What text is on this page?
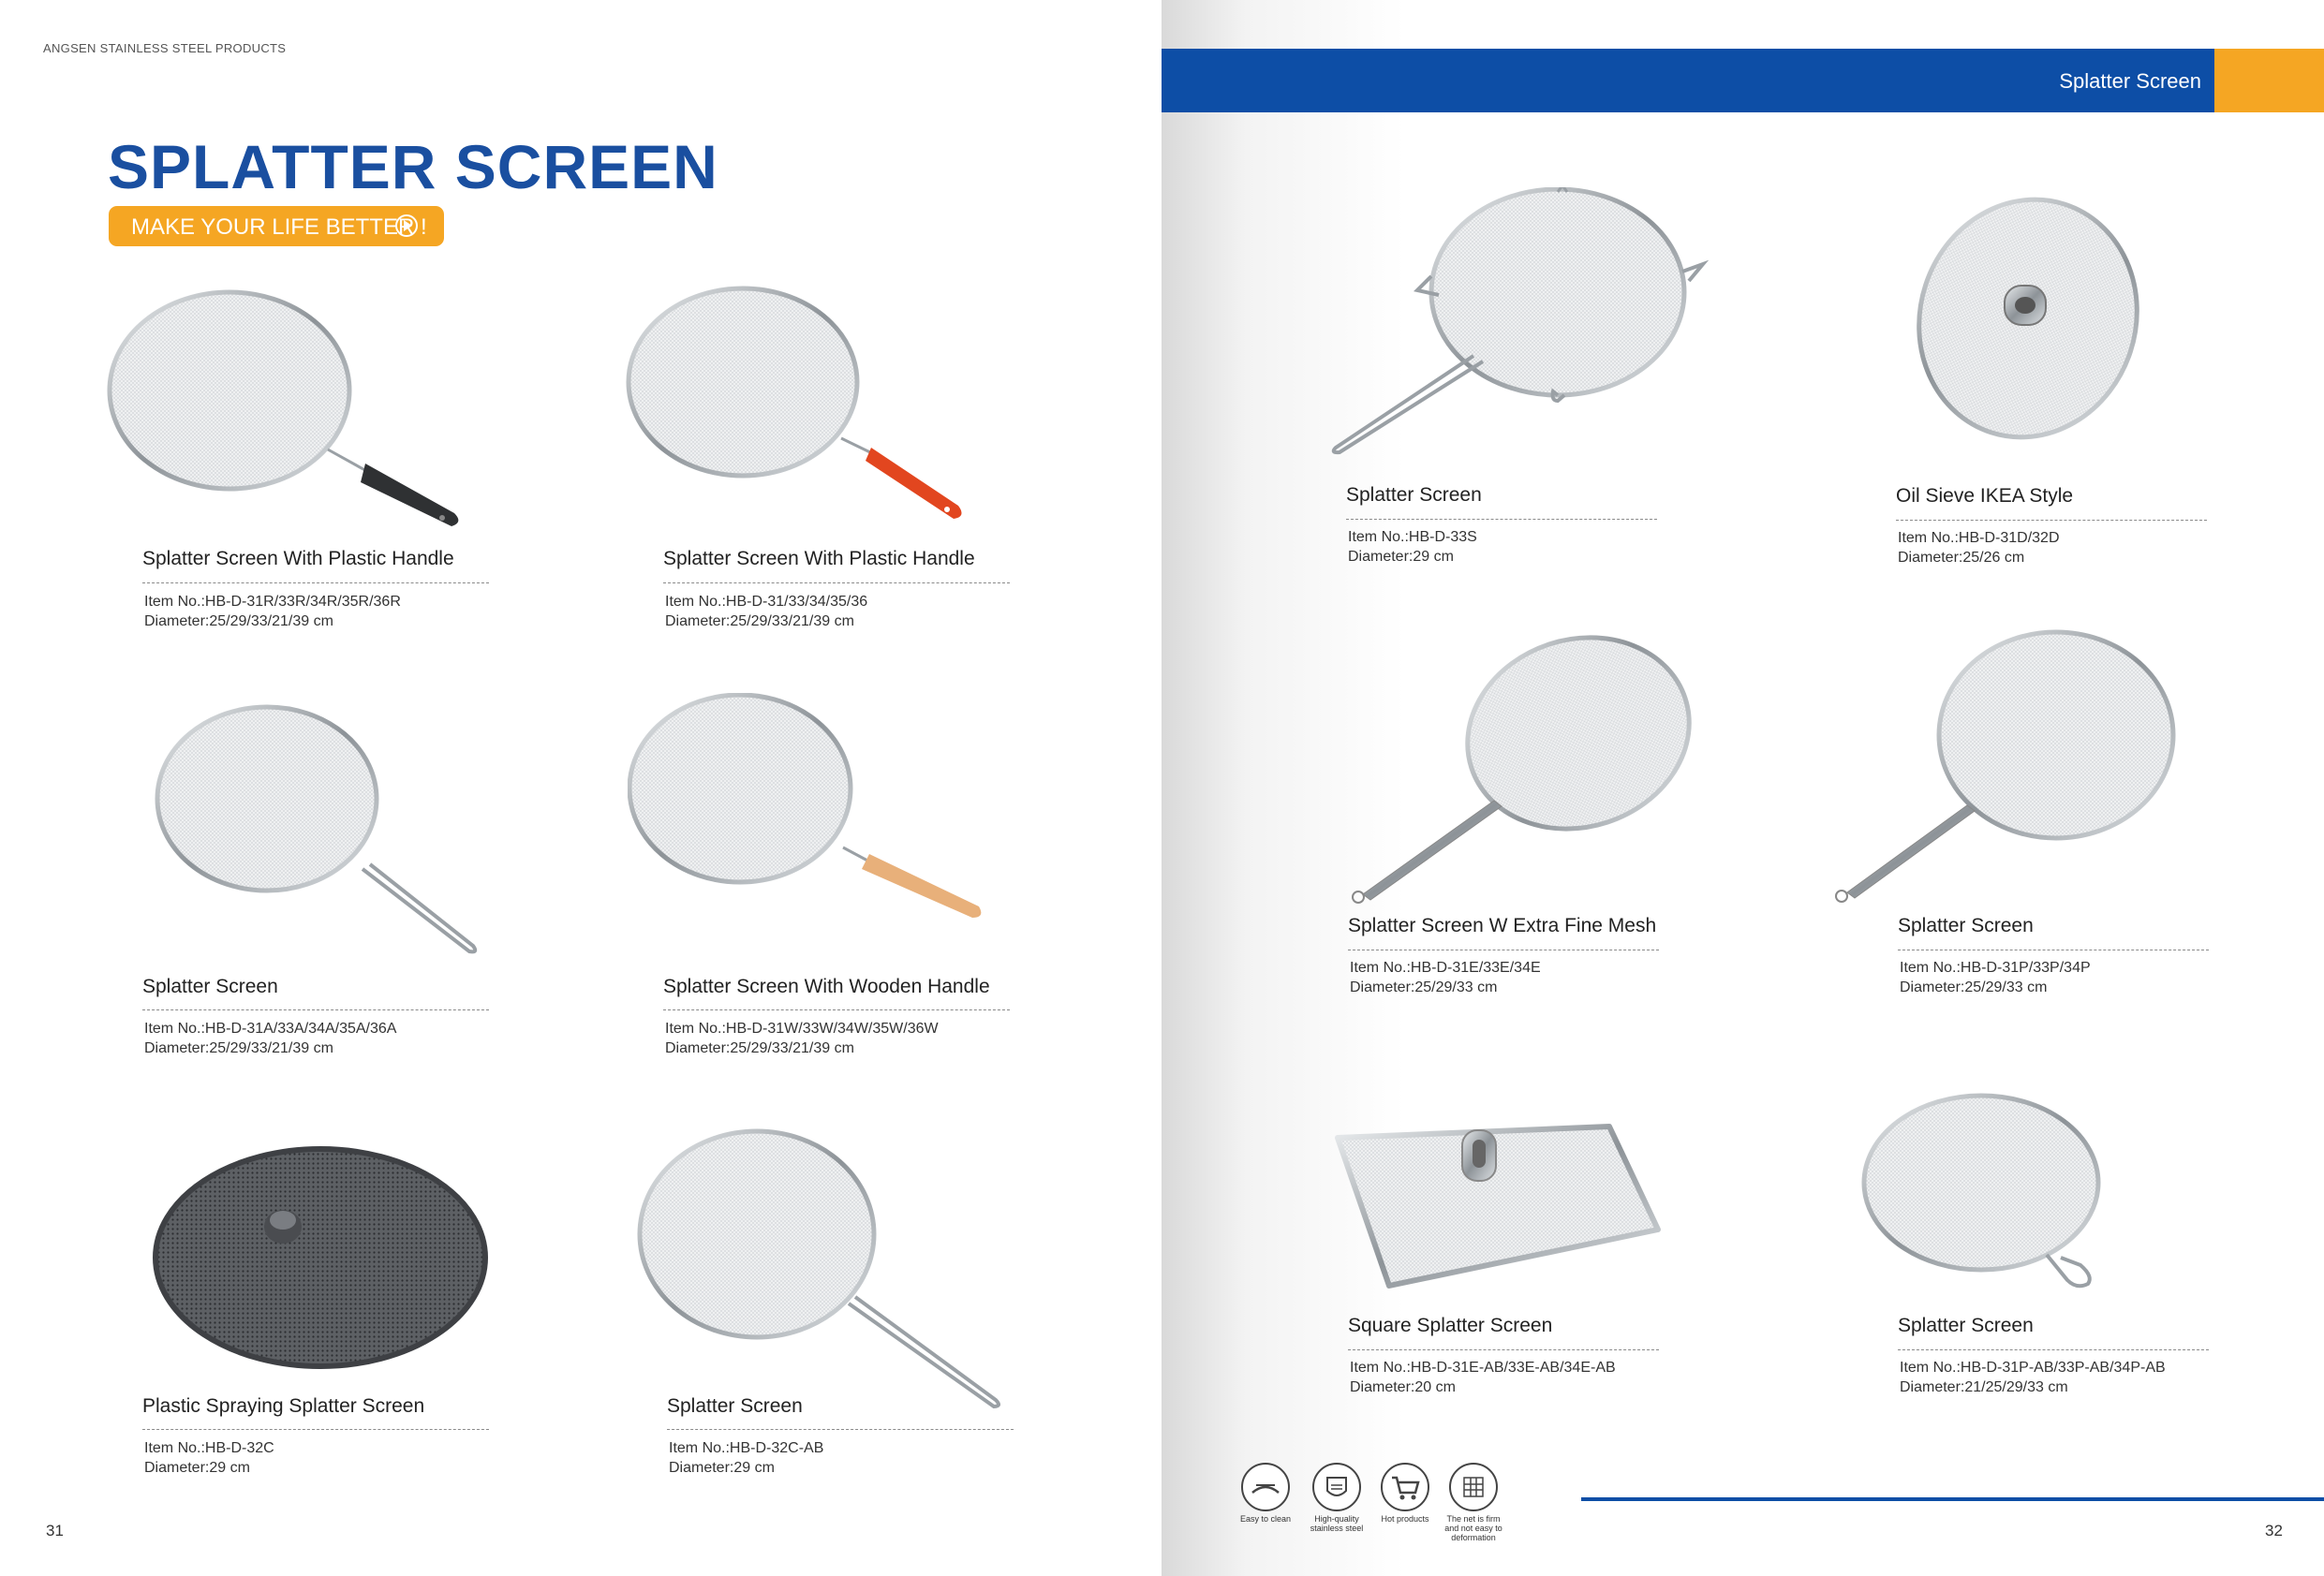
ANGSEN STAINLESS STEEL PRODUCTS
SPLATTER SCREEN
MAKE YOUR LIFE BETTER !
Splatter Screen
Splatter Screen With Plastic Handle
Item No.:HB-D-31R/33R/34R/35R/36R
Diameter:25/29/33/21/39 cm
Splatter Screen With Plastic Handle
Item No.:HB-D-31/33/34/35/36
Diameter:25/29/33/21/39 cm
Splatter Screen
Item No.:HB-D-31A/33A/34A/35A/36A
Diameter:25/29/33/21/39 cm
Splatter Screen With Wooden Handle
Item No.:HB-D-31W/33W/34W/35W/36W
Diameter:25/29/33/21/39 cm
Plastic Spraying Splatter Screen
Item No.:HB-D-32C
Diameter:29 cm
Splatter Screen
Item No.:HB-D-32C-AB
Diameter:29 cm
Splatter Screen
Item No.:HB-D-33S
Diameter:29 cm
Oil Sieve IKEA Style
Item No.:HB-D-31D/32D
Diameter:25/26 cm
Splatter Screen W Extra Fine Mesh
Item No.:HB-D-31E/33E/34E
Diameter:25/29/33 cm
Splatter Screen
Item No.:HB-D-31P/33P/34P
Diameter:25/29/33 cm
Square Splatter Screen
Item No.:HB-D-31E-AB/33E-AB/34E-AB
Diameter:20 cm
Splatter Screen
Item No.:HB-D-31P-AB/33P-AB/34P-AB
Diameter:21/25/29/33 cm
Easy to clean	High-quality stainless steel
Hot products	The net is firm and not easy to deformation
31	32
